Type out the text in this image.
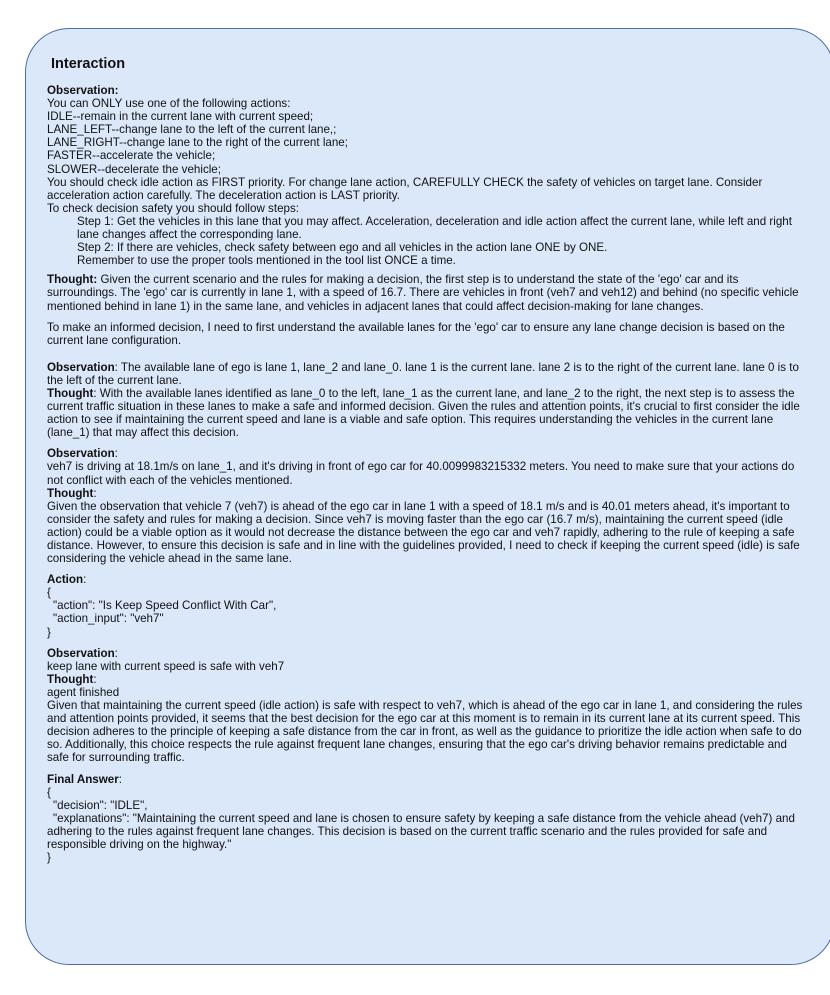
Interaction
Observation:
You can ONLY use one of the following actions:
IDLE--remain in the current lane with current speed;
LANE_LEFT--change lane to the left of the current lane,;
LANE_RIGHT--change lane to the right of the current lane;
FASTER--accelerate the vehicle;
SLOWER--decelerate the vehicle;
You should check idle action as FIRST priority. For change lane action, CAREFULLY CHECK the safety of vehicles on target lane. Consider acceleration action carefully. The deceleration action is LAST priority.
To check decision safety you should follow steps:
Step 1: Get the vehicles in this lane that you may affect. Acceleration, deceleration and idle action affect the current lane, while left and right lane changes affect the corresponding lane.
Step 2: If there are vehicles, check safety between ego and all vehicles in the action lane ONE by ONE.
Remember to use the proper tools mentioned in the tool list ONCE a time.
Thought: Given the current scenario and the rules for making a decision, the first step is to understand the state of the 'ego' car and its surroundings. The 'ego' car is currently in lane 1, with a speed of 16.7. There are vehicles in front (veh7 and veh12) and behind (no specific vehicle mentioned behind in lane 1) in the same lane, and vehicles in adjacent lanes that could affect decision-making for lane changes.
To make an informed decision, I need to first understand the available lanes for the 'ego' car to ensure any lane change decision is based on the current lane configuration.
Observation: The available lane of ego is lane 1, lane_2 and lane_0. lane 1 is the current lane. lane 2 is to the right of the current lane. lane 0 is to the left of the current lane.
Thought: With the available lanes identified as lane_0 to the left, lane_1 as the current lane, and lane_2 to the right, the next step is to assess the current traffic situation in these lanes to make a safe and informed decision. Given the rules and attention points, it's crucial to first consider the idle action to see if maintaining the current speed and lane is a viable and safe option. This requires understanding the vehicles in the current lane (lane_1) that may affect this decision.
Observation:
veh7 is driving at 18.1m/s on lane_1, and it's driving in front of ego car for 40.0099983215332 meters. You need to make sure that your actions do not conflict with each of the vehicles mentioned.
Thought:
Given the observation that vehicle 7 (veh7) is ahead of the ego car in lane 1 with a speed of 18.1 m/s and is 40.01 meters ahead, it's important to consider the safety and rules for making a decision. Since veh7 is moving faster than the ego car (16.7 m/s), maintaining the current speed (idle action) could be a viable option as it would not decrease the distance between the ego car and veh7 rapidly, adhering to the rule of keeping a safe distance. However, to ensure this decision is safe and in line with the guidelines provided, I need to check if keeping the current speed (idle) is safe considering the vehicle ahead in the same lane.
Action:
{
"action": "Is Keep Speed Conflict With Car",
"action_input": "veh7"
}
Observation:
keep lane with current speed is safe with veh7
Thought:
agent finished
Given that maintaining the current speed (idle action) is safe with respect to veh7, which is ahead of the ego car in lane 1, and considering the rules and attention points provided, it seems that the best decision for the ego car at this moment is to remain in its current lane at its current speed. This decision adheres to the principle of keeping a safe distance from the car in front, as well as the guidance to prioritize the idle action when safe to do so. Additionally, this choice respects the rule against frequent lane changes, ensuring that the ego car's driving behavior remains predictable and safe for surrounding traffic.
Final Answer:
{
"decision": "IDLE",
"explanations": "Maintaining the current speed and lane is chosen to ensure safety by keeping a safe distance from the vehicle ahead (veh7) and adhering to the rules against frequent lane changes. This decision is based on the current traffic scenario and the rules provided for safe and responsible driving on the highway."
}
